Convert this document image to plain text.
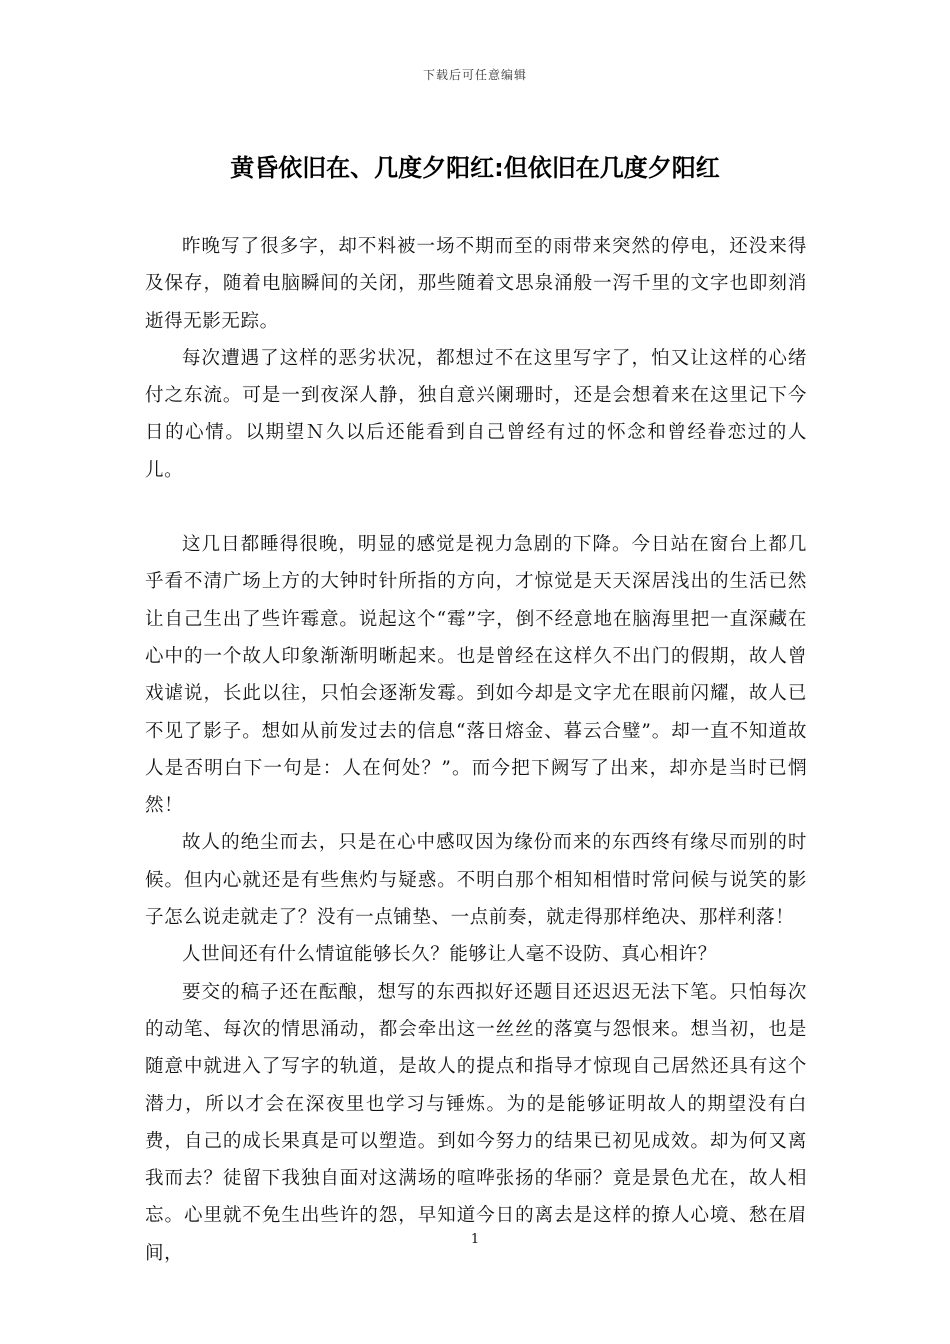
下载后可任意编辑
黄昏依旧在、几度夕阳红:但依旧在几度夕阳红

昨晚写了很多字，却不料被一场不期而至的雨带来突然的停电，还没来得及保存，随着电脑瞬间的关闭，那些随着文思泉涌般一泻千里的文字也即刻消逝得无影无踪。

每次遭遇了这样的恶劣状况，都想过不在这里写字了，怕又让这样的心绪付之东流。可是一到夜深人静，独自意兴阑珊时，还是会想着来在这里记下今日的心情。以期望Ｎ久以后还能看到自己曾经有过的怀念和曾经眷恋过的人儿。

这几日都睡得很晚，明显的感觉是视力急剧的下降。今日站在窗台上都几乎看不清广场上方的大钟时针所指的方向，才惊觉是天天深居浅出的生活已然让自己生出了些许霉意。说起这个“霉”字，倒不经意地在脑海里把一直深藏在心中的一个故人印象渐渐明晰起来。也是曾经在这样久不出门的假期，故人曾戏谑说，长此以往，只怕会逐渐发霉。到如今却是文字尤在眼前闪耀，故人已不见了影子。想如从前发过去的信息“落日熔金、暮云合璧”。却一直不知道故人是否明白下一句是：人在何处？”。而今把下阙写了出来，却亦是当时已惘然！

故人的绝尘而去，只是在心中感叹因为缘份而来的东西终有缘尽而别的时候。但内心就还是有些焦灼与疑惑。不明白那个相知相惜时常问候与说笑的影子怎么说走就走了？没有一点铺垫、一点前奏，就走得那样绝决、那样利落！

人世间还有什么情谊能够长久？能够让人毫不设防、真心相许？

要交的稿子还在酝酿，想写的东西拟好还题目还迟迟无法下笔。只怕每次的动笔、每次的情思涌动，都会牵出这一丝丝的落寞与怨恨来。想当初，也是随意中就进入了写字的轨道，是故人的提点和指导才惊现自己居然还具有这个潜力，所以才会在深夜里也学习与锤炼。为的是能够证明故人的期望没有白费，自己的成长果真是可以塑造。到如今努力的结果已初见成效。却为何又离我而去？徒留下我独自面对这满场的喧哗张扬的华丽？竟是景色尤在，故人相忘。心里就不免生出些许的怨，早知道今日的离去是这样的撩人心境、愁在眉间，

1
